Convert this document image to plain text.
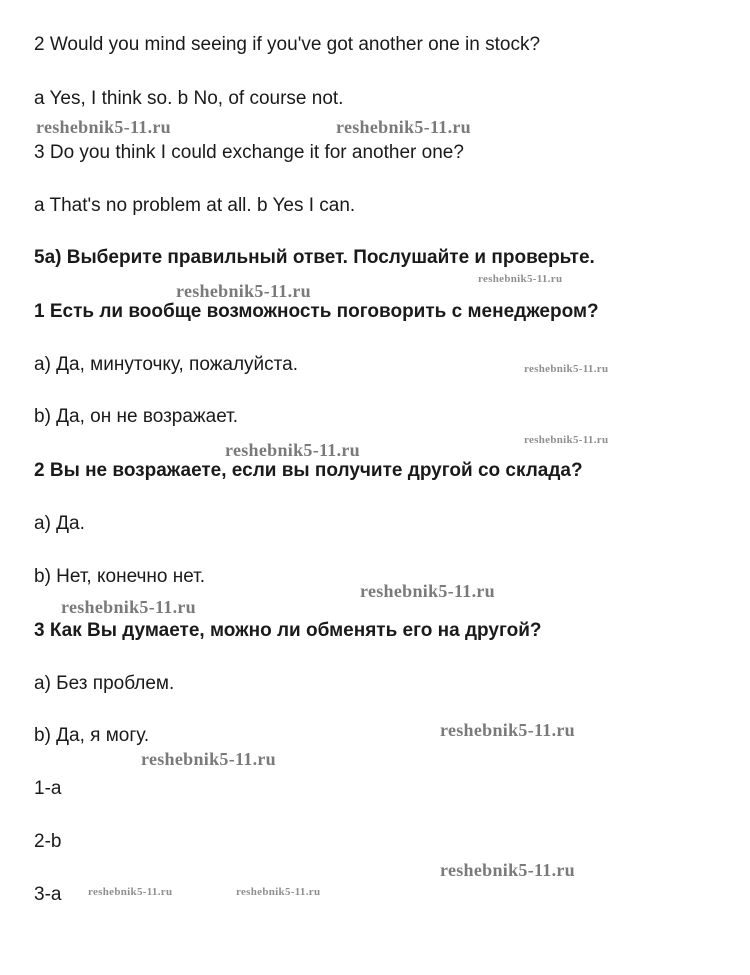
2 Would you mind seeing if you've got another one in stock?
a Yes, I think so. b No, of course not.
3 Do you think I could exchange it for another one?
a That's no problem at all. b Yes I can.
5a) Выберите правильный ответ. Послушайте и проверьте.
1 Есть ли вообще возможность поговорить с менеджером?
a) Да, минуточку, пожалуйста.
b) Да, он не возражает.
2 Вы не возражаете, если вы получите другой со склада?
a) Да.
b) Нет, конечно нет.
3 Как Вы думаете, можно ли обменять его на другой?
a) Без проблем.
b) Да, я могу.
1-a
2-b
3-a
reshebnik5-11.ru	reshebnik5-11.ru
reshebnik5-11.ru
reshebnik5-11.ru
reshebnik5-11.ru
reshebnik5-11.ru
reshebnik5-11.ru
reshebnik5-11.ru
reshebnik5-11.ru
reshebnik5-11.ru
reshebnik5-11.ru
reshebnik5-11.ru
reshebnik5-11.ru	reshebnik5-11.ru
